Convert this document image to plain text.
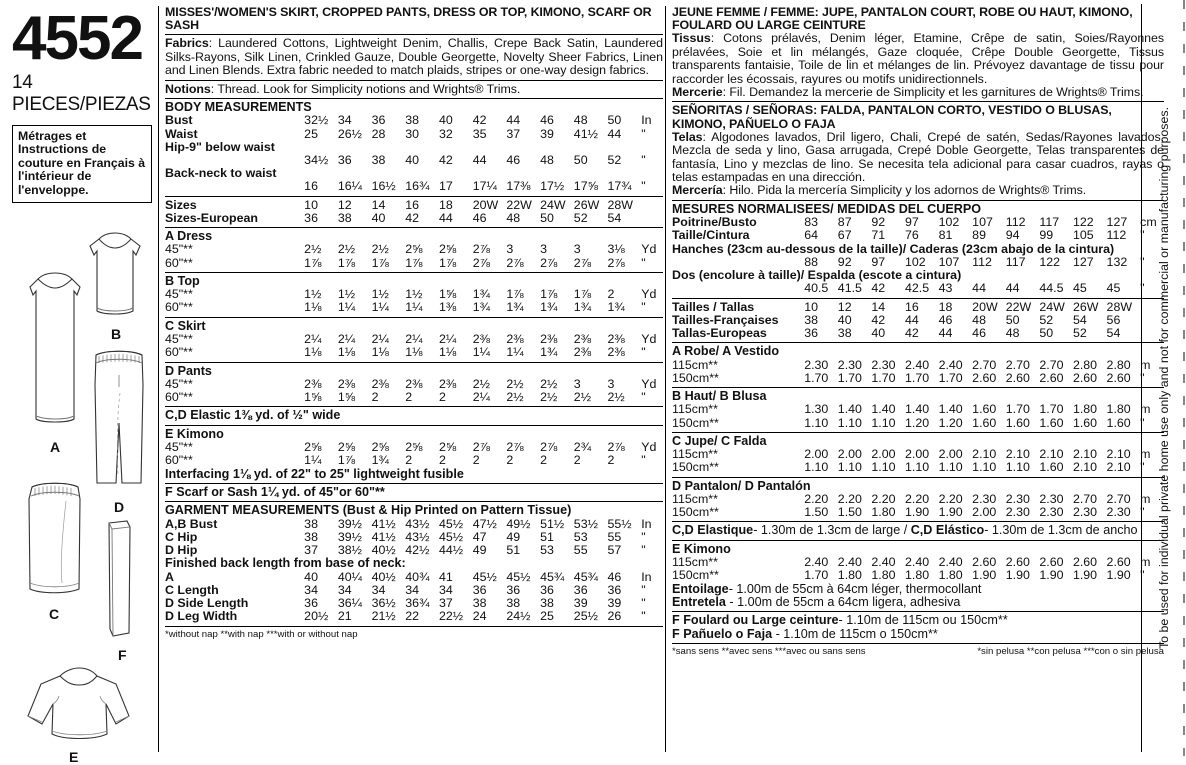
4552
14 PIECES/PIEZAS
Métrages et Instructions de couture en Français à l'intérieur de l'enveloppe.
A
B
D
C
F
E
MISSES'/WOMEN'S SKIRT, CROPPED PANTS, DRESS OR TOP, KIMONO, SCARF OR SASH
Fabrics: Laundered Cottons, Lightweight Denim, Challis, Crepe Back Satin, Laundered Silks-Rayons, Silk Linen, Crinkled Gauze, Double Georgette, Novelty Sheer Fabrics, Linen and Linen Blends. Extra fabric needed to match plaids, stripes or one-way design fabrics.
Notions: Thread. Look for Simplicity notions and Wrights® Trims.
BODY MEASUREMENTS
Bust	32½	34	36	38	40	42	44	46	48	50	In
Waist	25	26½	28	30	32	35	37	39	41½	44	"
Hip-9" below waist											
	34½	36	38	40	42	44	46	48	50	52	"
Back-neck to waist											
	16	16¼	16½	16¾	17	17¼	17⅜	17½	17⅝	17¾	"
Sizes	10	12	14	16	18	20W	22W	24W	26W	28W	
Sizes-European	36	38	40	42	44	46	48	50	52	54	
A Dress
45"**	2½	2½	2½	2⅝	2⅝	2⅞	3	3	3	3⅛	Yd
60"**	1⅞	1⅞	1⅞	1⅞	1⅞	2⅞	2⅞	2⅞	2⅞	2⅞	"
B Top
45"**	1½	1½	1½	1½	1⅝	1¾	1⅞	1⅞	1⅞	2	Yd
60"**	1⅛	1¼	1¼	1¼	1⅜	1¾	1¾	1¾	1¾	1¾	"
C Skirt
45"**	2¼	2¼	2¼	2¼	2¼	2⅜	2⅜	2⅜	2⅜	2⅜	Yd
60"**	1⅛	1⅛	1⅛	1⅛	1⅛	1¼	1¼	1¾	2⅜	2⅜	"
D Pants
45"**	2⅜	2⅜	2⅜	2⅜	2⅜	2½	2½	2½	3	3	Yd
60"**	1⅝	1⅝	2	2	2	2¼	2½	2½	2½	2½	"
C,D Elastic 1⅜ yd. of ½" wide
E Kimono
45"**	2⅝	2⅝	2⅝	2⅝	2⅝	2⅞	2⅞	2⅞	2¾	2⅞	Yd
60"**	1¼	1⅞	1¾	2	2	2	2	2	2	2	"
Interfacing 1⅛ yd. of 22" to 25" lightweight fusible
F Scarf or Sash 1¼ yd. of 45"or 60"**
GARMENT MEASUREMENTS (Bust & Hip Printed on Pattern Tissue)
A,B Bust	38	39½	41½	43½	45½	47½	49½	51½	53½	55½	In
C Hip	38	39½	41½	43½	45½	47	49	51	53	55	"
D Hip	37	38½	40½	42½	44½	49	51	53	55	57	"
Finished back length from base of neck:
A	40	40¼	40½	40¾	41	45½	45½	45¾	45¾	46	In
C Length	34	34	34	34	34	36	36	36	36	36	"
D Side Length	36	36¼	36½	36¾	37	38	38	38	39	39	"
D Leg Width	20½	21	21½	22	22½	24	24½	25	25½	26	"
*without nap **with nap ***with or without nap
JEUNE FEMME / FEMME: JUPE, PANTALON COURT, ROBE OU HAUT, KIMONO, FOULARD OU LARGE CEINTURE
Tissus: Cotons prélavés, Denim léger, Etamine, Crêpe de satin, Soies/Rayonnes prélavées, Soie et lin mélangés, Gaze cloquée, Crêpe Double Georgette, Tissus transparents fantaisie, Toile de lin et mélanges de lin. Prévoyez davantage de tissu pour raccorder les écossais, rayures ou motifs unidirectionnels.
Mercerie: Fil. Demandez la mercerie de Simplicity et les garnitures de Wrights® Trims.
SEÑORITAS / SEÑORAS: FALDA, PANTALON CORTO, VESTIDO O BLUSAS, KIMONO, PAÑUELO O FAJA
Telas: Algodones lavados, Dril ligero, Chali, Crepé de satén, Sedas/Rayones lavados, Mezcla de seda y lino, Gasa arrugada, Crepé Doble Georgette, Telas transparentes de fantasía, Lino y mezclas de lino. Se necesita tela adicional para casar cuadros, rayas o telas estampadas en una dirección.
Mercería: Hilo. Pida la mercería Simplicity y los adornos de Wrights® Trims.
MESURES NORMALISEES/ MEDIDAS DEL CUERPO
Poitrine/Busto	83	87	92	97	102	107	112	117	122	127	cm
Taille/Cintura	64	67	71	76	81	89	94	99	105	112	"
Hanches (23cm au-dessous de la taille)/ Caderas (23cm abajo de la cintura)											
	88	92	97	102	107	112	117	122	127	132	"
Dos (encolure à taille)/ Espalda (escote a cintura)											
	40.5	41.5	42	42.5	43	44	44	44.5	45	45	"
Tailles / Tallas	10	12	14	16	18	20W	22W	24W	26W	28W	
Tailles-Françaises	38	40	42	44	46	48	50	52	54	56	
Tallas-Europeas	36	38	40	42	44	46	48	50	52	54	
A Robe/ A Vestido
115cm**	2.30	2.30	2.30	2.40	2.40	2.70	2.70	2.70	2.80	2.80	m
150cm**	1.70	1.70	1.70	1.70	1.70	2.60	2.60	2.60	2.60	2.60	"
B Haut/ B Blusa
115cm**	1.30	1.40	1.40	1.40	1.40	1.60	1.70	1.70	1.80	1.80	m
150cm**	1.10	1.10	1.10	1.20	1.20	1.60	1.60	1.60	1.60	1.60	"
C Jupe/ C Falda
115cm**	2.00	2.00	2.00	2.00	2.00	2.10	2.10	2.10	2.10	2.10	m
150cm**	1.10	1.10	1.10	1.10	1.10	1.10	1.10	1.60	2.10	2.10	"
D Pantalon/ D Pantalón
115cm**	2.20	2.20	2.20	2.20	2.20	2.30	2.30	2.30	2.70	2.70	m
150cm**	1.50	1.50	1.80	1.90	1.90	2.00	2.30	2.30	2.30	2.30	"
C,D Elastique- 1.30m de 1.3cm de large / C,D Elástico- 1.30m de 1.3cm de ancho
E Kimono
115cm**	2.40	2.40	2.40	2.40	2.40	2.60	2.60	2.60	2.60	2.60	m
150cm**	1.70	1.80	1.80	1.80	1.80	1.90	1.90	1.90	1.90	1.90	"
Entoilage- 1.00m de 55cm à 64cm léger, thermocollant
Entretela - 1.00m de 55cm a 64cm ligera, adhesiva
F Foulard ou Large ceinture- 1.10m de 115cm ou 150cm**
F Pañuelo o Faja - 1.10m de 115cm o 150cm**
*sans sens **avec sens ***avec ou sans sens	*sin pelusa **con pelusa ***con o sin pelusa
To be used for individual private home use only and not for commercial or manufacturing purposes.
